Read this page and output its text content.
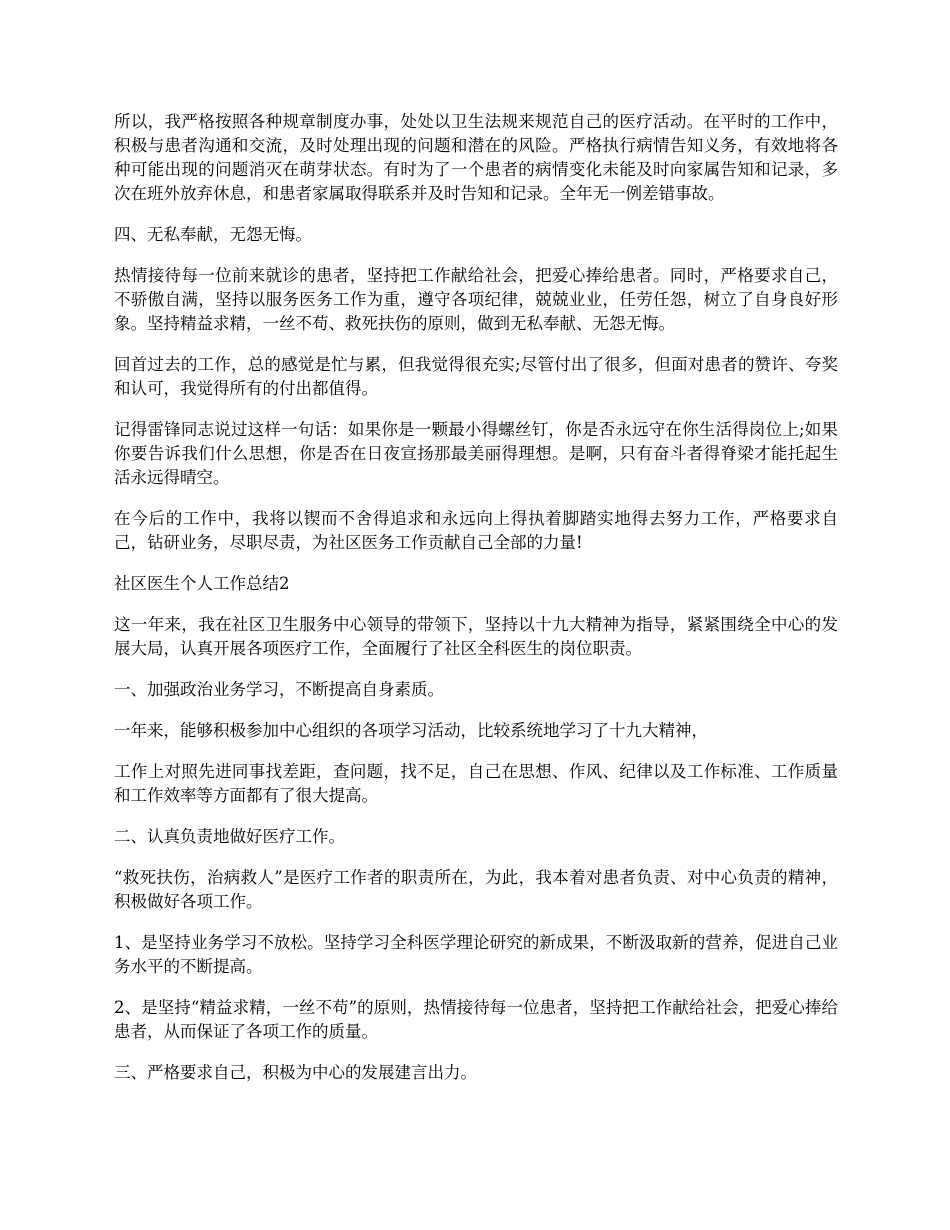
所以，我严格按照各种规章制度办事，处处以卫生法规来规范自己的医疗活动。在平时的工作中，积极与患者沟通和交流，及时处理出现的问题和潜在的风险。严格执行病情告知义务，有效地将各种可能出现的问题消灭在萌芽状态。有时为了一个患者的病情变化未能及时向家属告知和记录，多次在班外放弃休息，和患者家属取得联系并及时告知和记录。全年无一例差错事故。

四、无私奉献，无怨无悔。

热情接待每一位前来就诊的患者，坚持把工作献给社会，把爱心捧给患者。同时，严格要求自己，不骄傲自满，坚持以服务医务工作为重，遵守各项纪律，兢兢业业，任劳任怨，树立了自身良好形象。坚持精益求精，一丝不苟、救死扶伤的原则，做到无私奉献、无怨无悔。

回首过去的工作，总的感觉是忙与累，但我觉得很充实;尽管付出了很多，但面对患者的赞许、夸奖和认可，我觉得所有的付出都值得。

记得雷锋同志说过这样一句话：如果你是一颗最小得螺丝钉，你是否永远守在你生活得岗位上;如果你要告诉我们什么思想，你是否在日夜宣扬那最美丽得理想。是啊，只有奋斗者得脊梁才能托起生活永远得晴空。

在今后的工作中，我将以锲而不舍得追求和永远向上得执着脚踏实地得去努力工作，严格要求自己，钻研业务，尽职尽责，为社区医务工作贡献自己全部的力量!

社区医生个人工作总结2

这一年来，我在社区卫生服务中心领导的带领下，坚持以十九大精神为指导，紧紧围绕全中心的发展大局，认真开展各项医疗工作，全面履行了社区全科医生的岗位职责。

一、加强政治业务学习，不断提高自身素质。

一年来，能够积极参加中心组织的各项学习活动，比较系统地学习了十九大精神，

工作上对照先进同事找差距，查问题，找不足，自己在思想、作风、纪律以及工作标准、工作质量和工作效率等方面都有了很大提高。

二、认真负责地做好医疗工作。

“救死扶伤，治病救人”是医疗工作者的职责所在，为此，我本着对患者负责、对中心负责的精神，积极做好各项工作。

1、是坚持业务学习不放松。坚持学习全科医学理论研究的新成果，不断汲取新的营养，促进自己业务水平的不断提高。

2、是坚持“精益求精，一丝不苟”的原则，热情接待每一位患者，坚持把工作献给社会，把爱心捧给患者，从而保证了各项工作的质量。

三、严格要求自己，积极为中心的发展建言出力。
